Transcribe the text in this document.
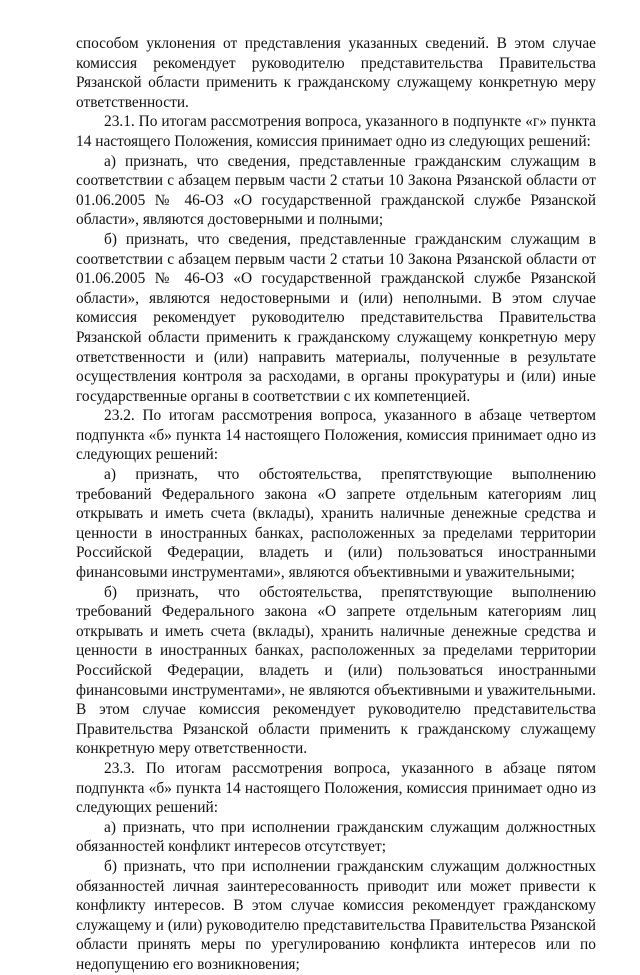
способом уклонения от представления указанных сведений. В этом случае комиссия рекомендует руководителю представительства Правительства Рязанской области применить к гражданскому служащему конкретную меру ответственности.

23.1. По итогам рассмотрения вопроса, указанного в подпункте «г» пункта 14 настоящего Положения, комиссия принимает одно из следующих решений:

а) признать, что сведения, представленные гражданским служащим в соответствии с абзацем первым части 2 статьи 10 Закона Рязанской области от 01.06.2005 № 46-ОЗ «О государственной гражданской службе Рязанской области», являются достоверными и полными;

б) признать, что сведения, представленные гражданским служащим в соответствии с абзацем первым части 2 статьи 10 Закона Рязанской области от 01.06.2005 № 46-ОЗ «О государственной гражданской службе Рязанской области», являются недостоверными и (или) неполными. В этом случае комиссия рекомендует руководителю представительства Правительства Рязанской области применить к гражданскому служащему конкретную меру ответственности и (или) направить материалы, полученные в результате осуществления контроля за расходами, в органы прокуратуры и (или) иные государственные органы в соответствии с их компетенцией.

23.2. По итогам рассмотрения вопроса, указанного в абзаце четвертом подпункта «б» пункта 14 настоящего Положения, комиссия принимает одно из следующих решений:

а) признать, что обстоятельства, препятствующие выполнению требований Федерального закона «О запрете отдельным категориям лиц открывать и иметь счета (вклады), хранить наличные денежные средства и ценности в иностранных банках, расположенных за пределами территории Российской Федерации, владеть и (или) пользоваться иностранными финансовыми инструментами», являются объективными и уважительными;

б) признать, что обстоятельства, препятствующие выполнению требований Федерального закона «О запрете отдельным категориям лиц открывать и иметь счета (вклады), хранить наличные денежные средства и ценности в иностранных банках, расположенных за пределами территории Российской Федерации, владеть и (или) пользоваться иностранными финансовыми инструментами», не являются объективными и уважительными. В этом случае комиссия рекомендует руководителю представительства Правительства Рязанской области применить к гражданскому служащему конкретную меру ответственности.

23.3. По итогам рассмотрения вопроса, указанного в абзаце пятом подпункта «б» пункта 14 настоящего Положения, комиссия принимает одно из следующих решений:

а) признать, что при исполнении гражданским служащим должностных обязанностей конфликт интересов отсутствует;

б) признать, что при исполнении гражданским служащим должностных обязанностей личная заинтересованность приводит или может привести к конфликту интересов. В этом случае комиссия рекомендует гражданскому служащему и (или) руководителю представительства Правительства Рязанской области принять меры по урегулированию конфликта интересов или по недопущению его возникновения;
